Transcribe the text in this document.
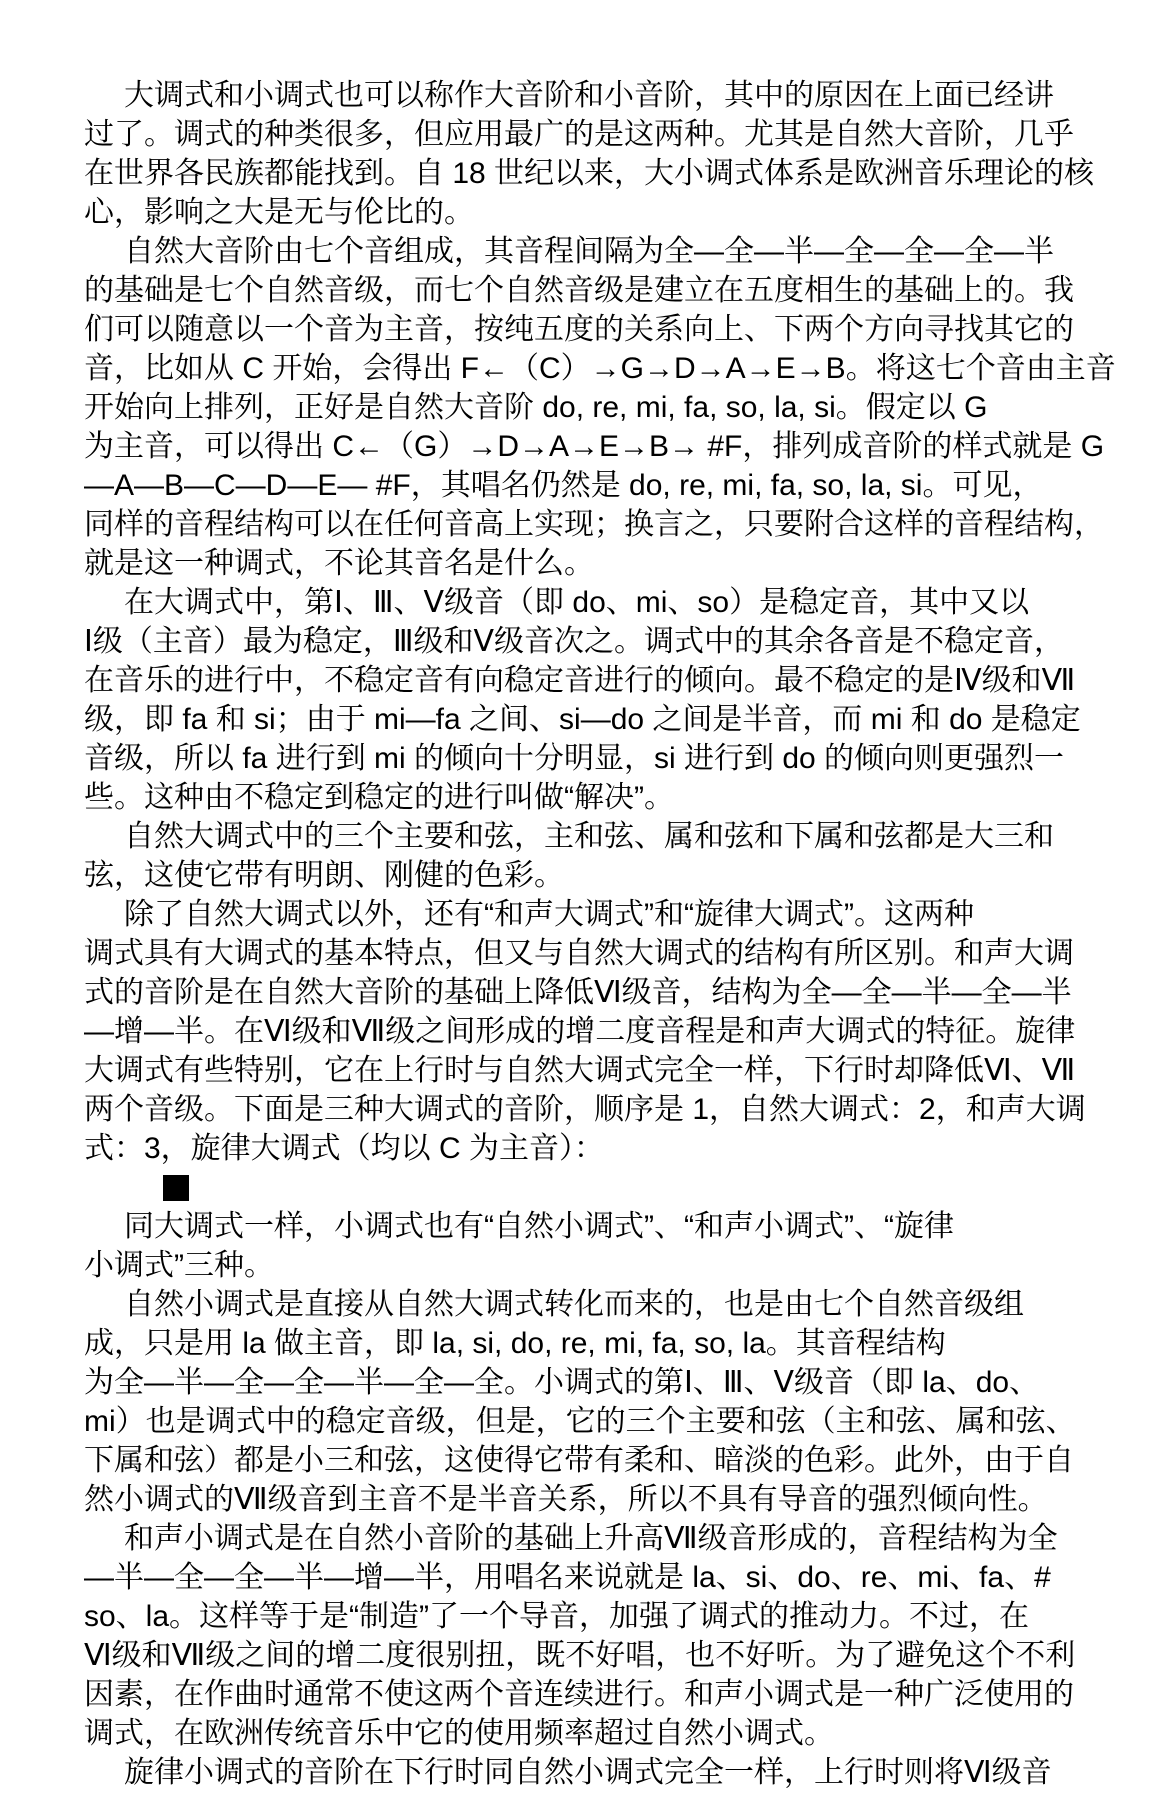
大调式和小调式也可以称作大音阶和小音阶，其中的原因在上面已经讲
过了。调式的种类很多，但应用最广的是这两种。尤其是自然大音阶，几乎
在世界各民族都能找到。自 18 世纪以来，大小调式体系是欧洲音乐理论的核
心，影响之大是无与伦比的。
自然大音阶由七个音组成，其音程间隔为全—全—半—全—全—全—半
的基础是七个自然音级，而七个自然音级是建立在五度相生的基础上的。我
们可以随意以一个音为主音，按纯五度的关系向上、下两个方向寻找其它的
音，比如从 C 开始，会得出 F←（C）→G→D→A→E→B。将这七个音由主音
开始向上排列，正好是自然大音阶 do, re, mi, fa, so, la, si。假定以 G
为主音，可以得出 C←（G）→D→A→E→B→ #F，排列成音阶的样式就是 G
—A—B—C—D—E— #F，其唱名仍然是 do, re, mi, fa, so, la, si。可见，
同样的音程结构可以在任何音高上实现；换言之，只要附合这样的音程结构，
就是这一种调式，不论其音名是什么。
在大调式中，第Ⅰ、Ⅲ、Ⅴ级音（即 do、mi、so）是稳定音，其中又以
Ⅰ级（主音）最为稳定，Ⅲ级和Ⅴ级音次之。调式中的其余各音是不稳定音，
在音乐的进行中，不稳定音有向稳定音进行的倾向。最不稳定的是Ⅳ级和Ⅶ
级，即 fa 和 si；由于 mi—fa 之间、si—do 之间是半音，而 mi 和 do 是稳定
音级，所以 fa 进行到 mi 的倾向十分明显，si 进行到 do 的倾向则更强烈一
些。这种由不稳定到稳定的进行叫做“解决”。
自然大调式中的三个主要和弦，主和弦、属和弦和下属和弦都是大三和
弦，这使它带有明朗、刚健的色彩。
除了自然大调式以外，还有“和声大调式”和“旋律大调式”。这两种
调式具有大调式的基本特点，但又与自然大调式的结构有所区别。和声大调
式的音阶是在自然大音阶的基础上降低Ⅵ级音，结构为全—全—半—全—半
—增—半。在Ⅵ级和Ⅶ级之间形成的增二度音程是和声大调式的特征。旋律
大调式有些特别，它在上行时与自然大调式完全一样，下行时却降低Ⅵ、Ⅶ
两个音级。下面是三种大调式的音阶，顺序是 1，自然大调式：2，和声大调
式：3，旋律大调式（均以 C 为主音）：
同大调式一样，小调式也有“自然小调式”、“和声小调式”、“旋律
小调式”三种。
自然小调式是直接从自然大调式转化而来的，也是由七个自然音级组
成，只是用 la 做主音，即 la, si, do, re, mi, fa, so, la。其音程结构
为全—半—全—全—半—全—全。小调式的第Ⅰ、Ⅲ、Ⅴ级音（即 la、do、
mi）也是调式中的稳定音级，但是，它的三个主要和弦（主和弦、属和弦、
下属和弦）都是小三和弦，这使得它带有柔和、暗淡的色彩。此外，由于自
然小调式的Ⅶ级音到主音不是半音关系，所以不具有导音的强烈倾向性。
和声小调式是在自然小音阶的基础上升高Ⅶ级音形成的，音程结构为全
—半—全—全—半—增—半，用唱名来说就是 la、si、do、re、mi、fa、#
so、la。这样等于是“制造”了一个导音，加强了调式的推动力。不过，在
Ⅵ级和Ⅶ级之间的增二度很别扭，既不好唱，也不好听。为了避免这个不利
因素，在作曲时通常不使这两个音连续进行。和声小调式是一种广泛使用的
调式，在欧洲传统音乐中它的使用频率超过自然小调式。
旋律小调式的音阶在下行时同自然小调式完全一样，上行时则将Ⅵ级音
